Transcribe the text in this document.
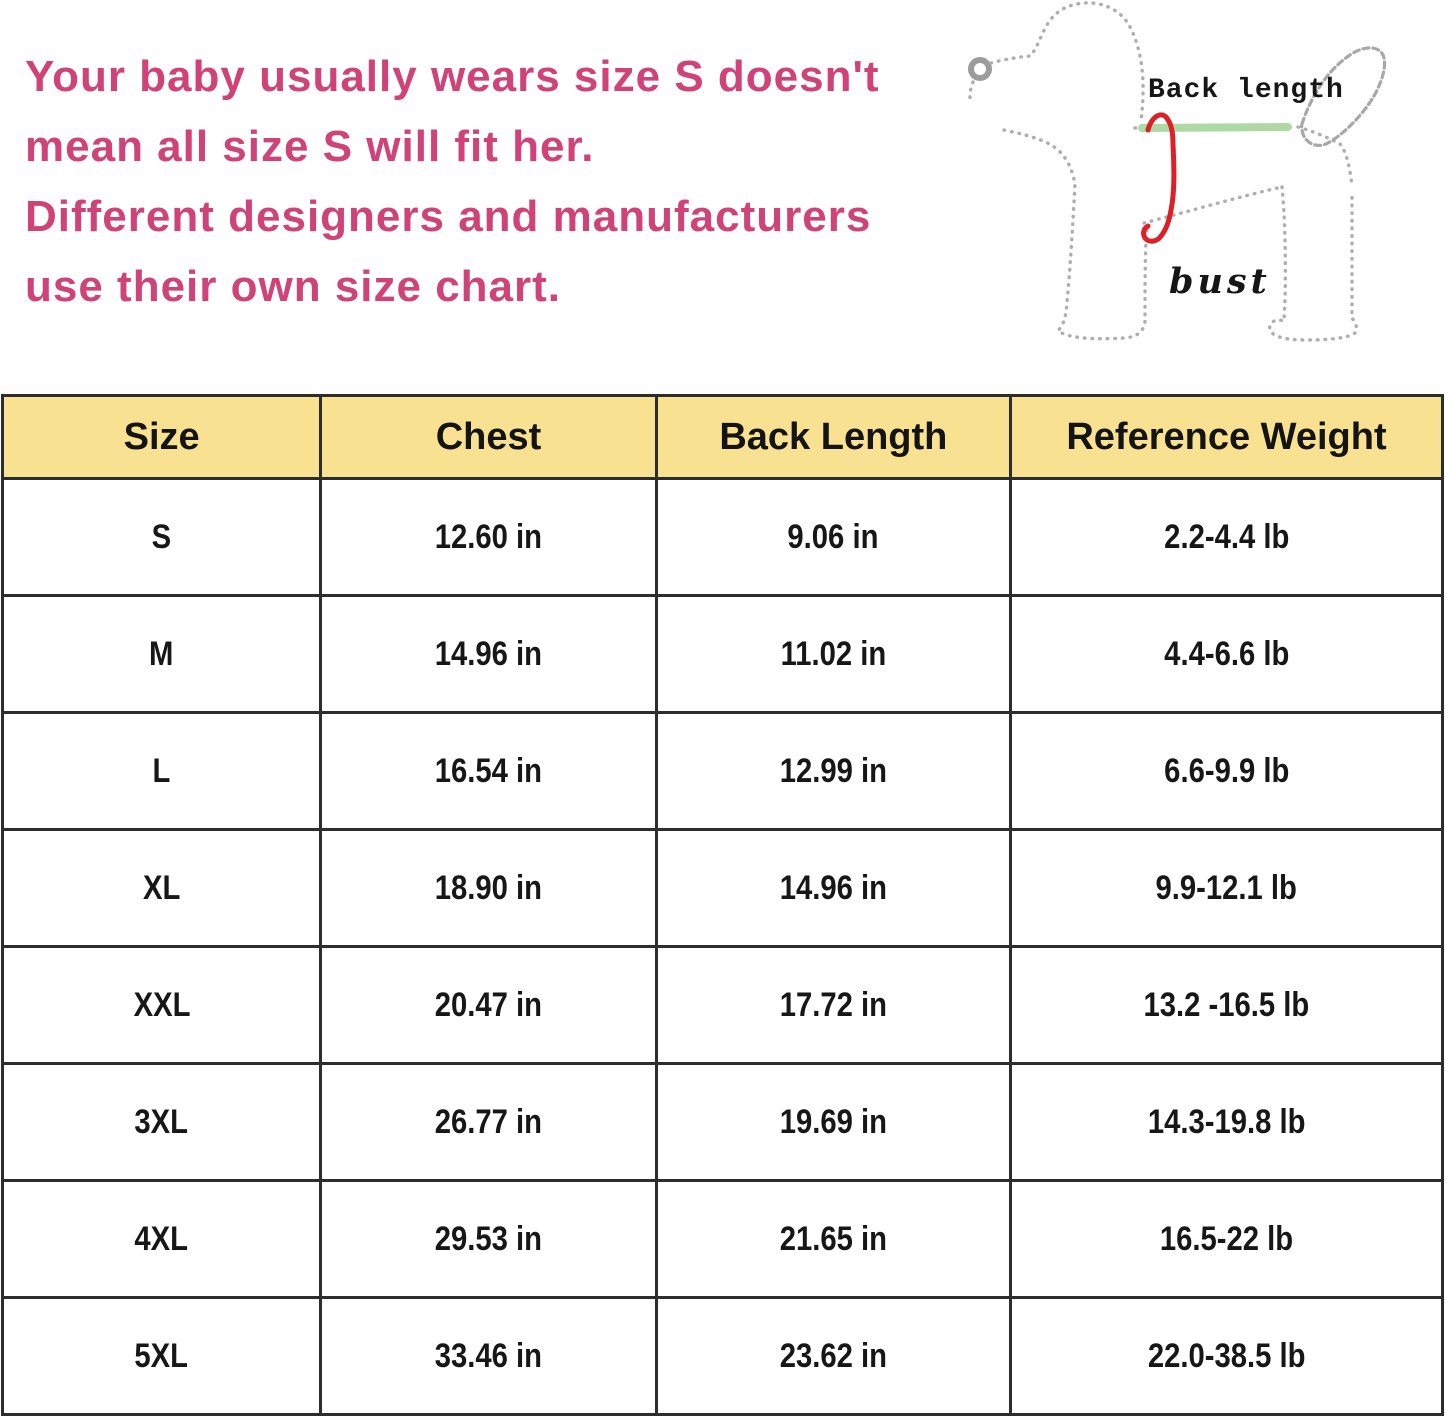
Your baby usually wears size S doesn't
mean all size S will fit her.
Different designers and manufacturers
use their own size chart.
Back length
bust
Size	Chest	Back Length	Reference Weight
S	12.60 in	9.06 in	2.2-4.4 lb
M	14.96 in	11.02 in	4.4-6.6 lb
L	16.54 in	12.99 in	6.6-9.9 lb
XL	18.90 in	14.96 in	9.9-12.1 lb
XXL	20.47 in	17.72 in	13.2 -16.5 lb
3XL	26.77 in	19.69 in	14.3-19.8 lb
4XL	29.53 in	21.65 in	16.5-22 lb
5XL	33.46 in	23.62 in	22.0-38.5 lb
